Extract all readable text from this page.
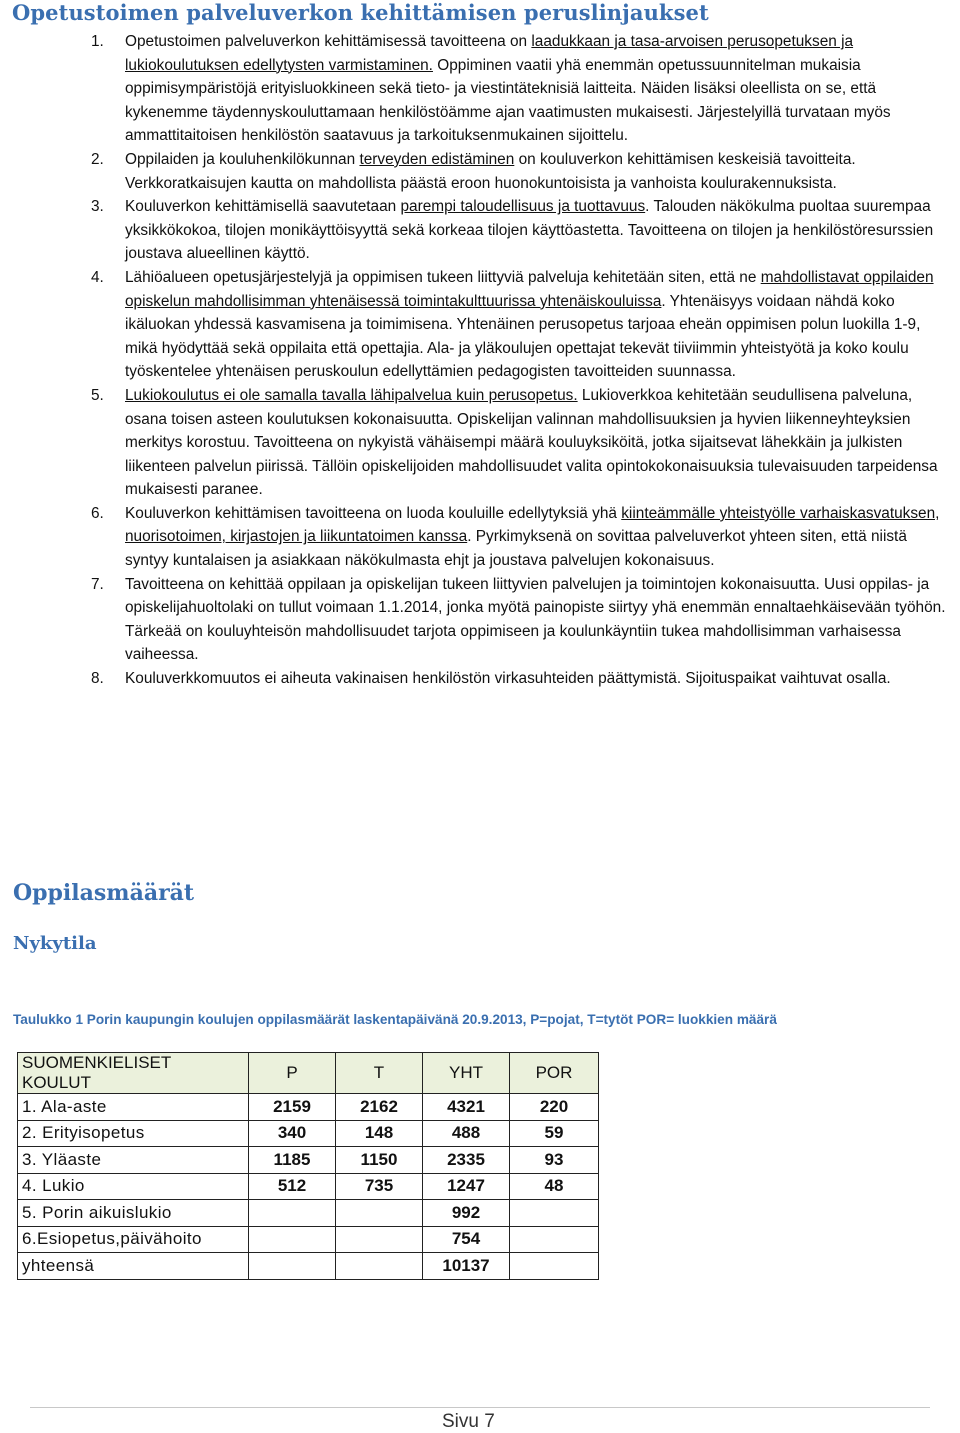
Opetustoimen palveluverkon kehittämisen peruslinjaukset
1. Opetustoimen palveluverkon kehittämisessä tavoitteena on laadukkaan ja tasa-arvoisen perusopetuksen ja lukiokoulutuksen edellytysten varmistaminen. Oppiminen vaatii yhä enemmän opetussuunnitelman mukaisia oppimisympäristöjä erityisluokkineen sekä tieto- ja viestintäteknisiä laitteita. Näiden lisäksi oleellista on se, että kykenemme täydennyskouluttamaan henkilöstöämme ajan vaatimusten mukaisesti. Järjestelyillä turvataan myös ammattitaitoisen henkilöstön saatavuus ja tarkoituksenmukainen sijoittelu.
2. Oppilaiden ja kouluhenkilökunnan terveyden edistäminen on kouluverkon kehittämisen keskeisiä tavoitteita. Verkkoratkaisujen kautta on mahdollista päästä eroon huonokuntoisista ja vanhoista koulurakennuksista.
3. Kouluverkon kehittämisellä saavutetaan parempi taloudellisuus ja tuottavuus. Talouden näkökulma puoltaa suurempaa yksikkökokoa, tilojen monikäyttöisyyttä sekä korkeaa tilojen käyttöastetta. Tavoitteena on tilojen ja henkilöstöresurssien joustava alueellinen käyttö.
4. Lähiöalueen opetusjärjestelyjä ja oppimisen tukeen liittyviä palveluja kehitetään siten, että ne mahdollistavat oppilaiden opiskelun mahdollisimman yhtenäisessä toimintakulttuurissa yhtenäiskouluissa. Yhtenäisyys voidaan nähdä koko ikäluokan yhdessä kasvamisena ja toimimisena. Yhtenäinen perusopetus tarjoaa eheän oppimisen polun luokilla 1-9, mikä hyödyttää sekä oppilaita että opettajia. Ala- ja yläkoulujen opettajat tekevät tiiviimmin yhteistyötä ja koko koulu työskentelee yhtenäisen peruskoulun edellyttämien pedagogisten tavoitteiden suunnassa.
5. Lukiokoulutus ei ole samalla tavalla lähipalvelua kuin perusopetus. Lukioverkkoa kehitetään seudullisena palveluna, osana toisen asteen koulutuksen kokonaisuutta. Opiskelijan valinnan mahdollisuuksien ja hyvien liikenneyhteyksien merkitys korostuu. Tavoitteena on nykyistä vähäisempi määrä kouluyksiköitä, jotka sijaitsevat lähekkäin ja julkisten liikenteen palvelun piirissä. Tällöin opiskelijoiden mahdollisuudet valita opintokokonaisuuksia tulevaisuuden tarpeidensa mukaisesti paranee.
6. Kouluverkon kehittämisen tavoitteena on luoda kouluille edellytyksiä yhä kiinteämmälle yhteistyölle varhaiskasvatuksen, nuorisotoimen, kirjastojen ja liikuntatoimen kanssa. Pyrkimyksenä on sovittaa palveluverkot yhteen siten, että niistä syntyy kuntalaisen ja asiakkaan näkökulmasta ehjt ja joustava palvelujen kokonaisuus.
7. Tavoitteena on kehittää oppilaan ja opiskelijan tukeen liittyvien palvelujen ja toimintojen kokonaisuutta. Uusi oppilas- ja opiskelijahuoltolaki on tullut voimaan 1.1.2014, jonka myötä painopiste siirtyy yhä enemmän ennaltaehkäisevään työhön. Tärkeää on kouluyhteisön mahdollisuudet tarjota oppimiseen ja koulunkäyntiin tukea mahdollisimman varhaisessa vaiheessa.
8. Kouluverkkomuutos ei aiheuta vakinaisen henkilöstön virkasuhteiden päättymistä. Sijoituspaikat vaihtuvat osalla.
Oppilasmäärät
Nykytila
Taulukko 1 Porin kaupungin koulujen oppilasmäärät laskentapäivänä 20.9.2013, P=pojat, T=tytöt POR= luokkien määrä
SUOMENKIELISET KOULUT	P	T	YHT	POR
1. Ala-aste	2159	2162	4321	220
2. Erityisopetus	340	148	488	59
3. Yläaste	1185	1150	2335	93
4. Lukio	512	735	1247	48
5. Porin aikuislukio			992	
6.Esiopetus,päivähoito			754	
yhteensä			10137	
Sivu 7
